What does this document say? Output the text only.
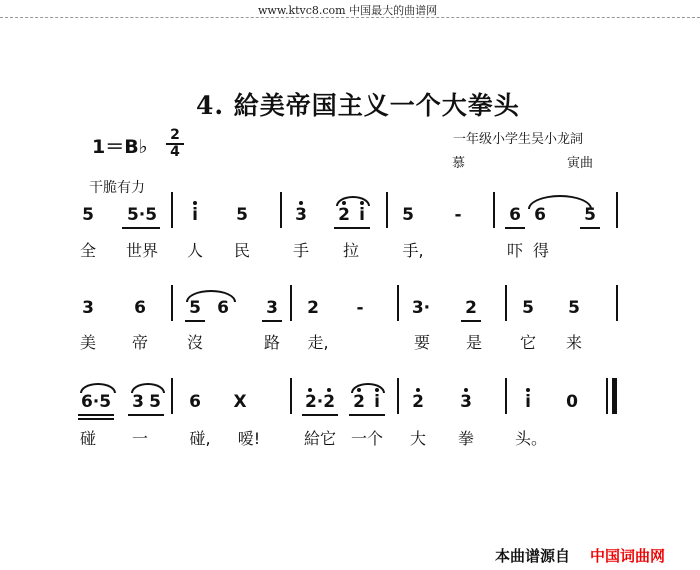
www.ktvc8.com 中国最大的曲谱网
4. 給美帝国主义一个大拳头
1＝B♭
2
4
一年级小学生吴小龙詞
慕	寅曲
干脆有力
5 5·5	i	5	3 2 i	5	-	6 6 5
全	世界	人 民	手 拉	手,	吓 得
3 6	5 6 3 2	-	3· 2	5 5
美 帝 沒	路 走,	要 是 它 来
6·5 3 5 6 X	2·2 2 i	2 3	i	0
碰 一	碰,	嗳!	給它 一个 大 拳	头。
本曲谱源自 中国词曲网
